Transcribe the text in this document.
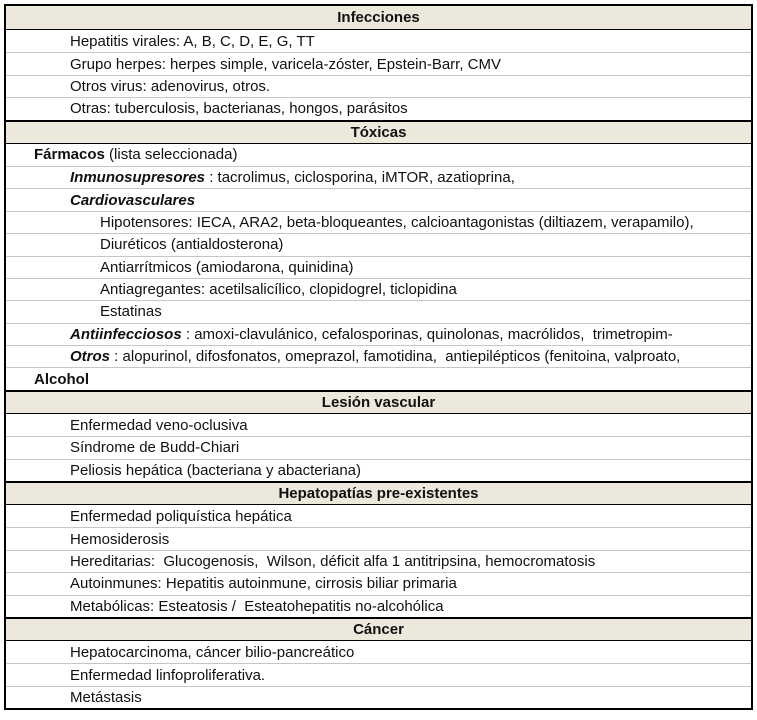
Infecciones
Hepatitis virales: A, B, C, D, E, G, TT
Grupo herpes: herpes simple, varicela-zóster, Epstein-Barr, CMV
Otros virus: adenovirus, otros.
Otras: tuberculosis, bacterianas, hongos, parásitos
Tóxicas
Fármacos (lista seleccionada)
Inmunosupresores : tacrolimus, ciclosporina, iMTOR, azatioprina,
Cardiovasculares
Hipotensores: IECA, ARA2, beta-bloqueantes, calcioantagonistas (diltiazem, verapamilo),
Diuréticos (antialdosterona)
Antiarrítmicos (amiodarona, quinidina)
Antiagregantes: acetilsalicílico, clopidogrel, ticlopidina
Estatinas
Antiinfecciosos : amoxi-clavulánico, cefalosporinas, quinolonas, macrólidos,  trimetropim-
Otros : alopurinol, difosfonatos, omeprazol, famotidina,  antiepilépticos (fenitoina, valproato,
Alcohol
Lesión vascular
Enfermedad veno-oclusiva
Síndrome de Budd-Chiari
Peliosis hepática (bacteriana y abacteriana)
Hepatopatías pre-existentes
Enfermedad poliquística hepática
Hemosiderosis
Hereditarias:  Glucogenosis,  Wilson, déficit alfa 1 antitripsina, hemocromatosis
Autoinmunes: Hepatitis autoinmune, cirrosis biliar primaria
Metabólicas: Esteatosis /  Esteatohepatitis no-alcohólica
Cáncer
Hepatocarcinoma, cáncer bilio-pancreático
Enfermedad linfoproliferativa.
Metástasis
